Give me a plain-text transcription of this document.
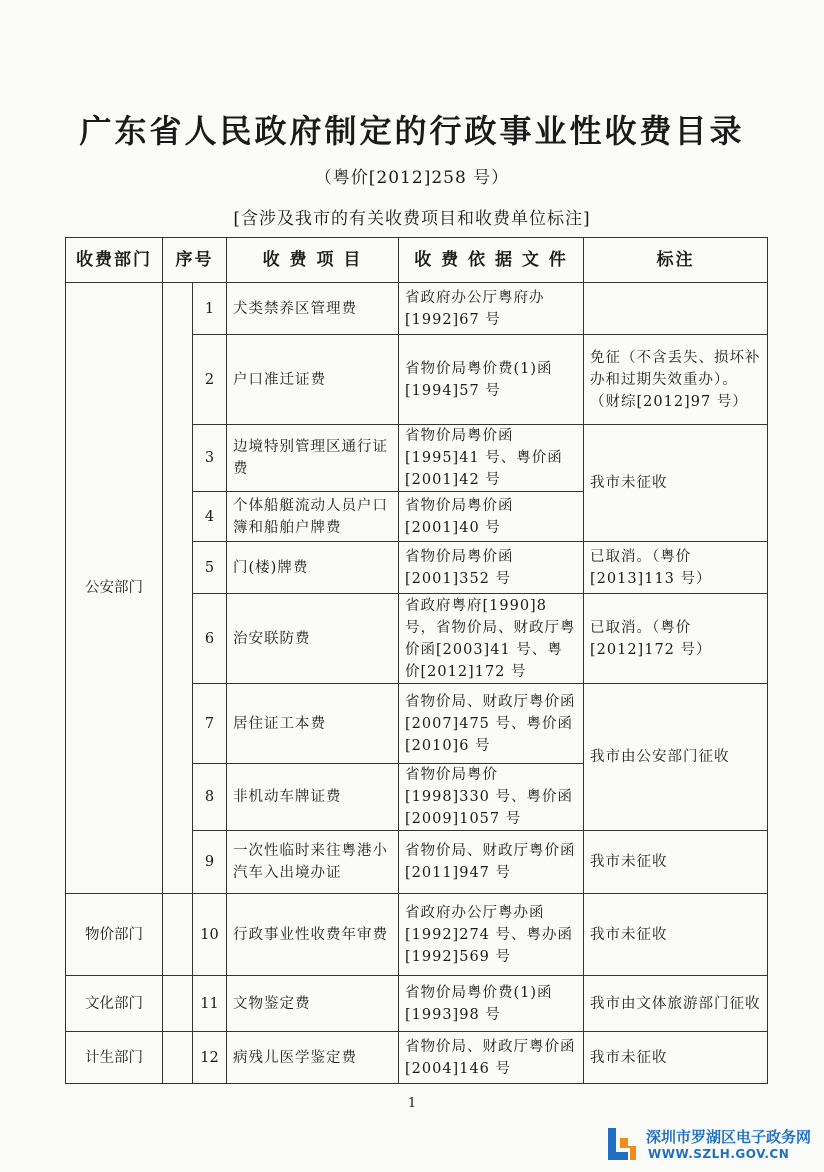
广东省人民政府制定的行政事业性收费目录
（粤价[2012]258 号）
[含涉及我市的有关收费项目和收费单位标注]
收费部门	序号		收 费 项 目	收 费 依 据 文 件	标注
公安部门		1	犬类禁养区管理费	省政府办公厅粤府办[1992]67 号	
		2	户口准迁证费	省物价局粤价费(1)函[1994]57 号	免征（不含丢失、损坏补办和过期失效重办）。（财综[2012]97 号）
		3	边境特别管理区通行证费	省物价局粤价函[1995]41 号、粤价函[2001]42 号	我市未征收
		4	个体船艇流动人员户口簿和船舶户牌费	省物价局粤价函[2001]40 号	
		5	门(楼)牌费	省物价局粤价函[2001]352 号	已取消。（粤价[2013]113 号）
		6	治安联防费	省政府粤府[1990]8 号，省物价局、财政厅粤价函[2003]41 号、粤价[2012]172 号	已取消。（粤价[2012]172 号）
		7	居住证工本费	省物价局、财政厅粤价函[2007]475 号、粤价函[2010]6 号	我市由公安部门征收
		8	非机动车牌证费	省物价局粤价[1998]330 号、粤价函[2009]1057 号	
		9	一次性临时来往粤港小汽车入出境办证	省物价局、财政厅粤价函[2011]947 号	我市未征收
物价部门		10	行政事业性收费年审费	省政府办公厅粤办函[1992]274 号、粤办函[1992]569 号	我市未征收
文化部门		11	文物鉴定费	省物价局粤价费(1)函[1993]98 号	我市由文体旅游部门征收
计生部门		12	病残儿医学鉴定费	省物价局、财政厅粤价函[2004]146 号	我市未征收
1
深圳市罗湖区电子政务网
WWW.SZLH.GOV.CN
